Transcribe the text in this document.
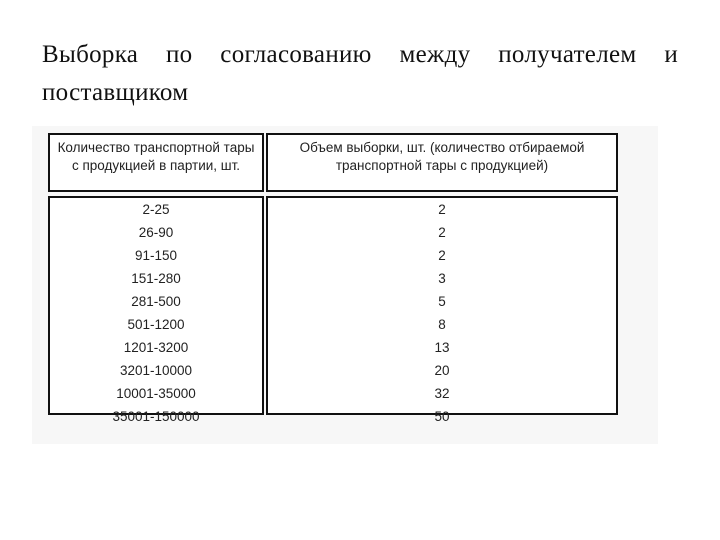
Выборка по согласованию между получателем и поставщиком
Количество транспортной тары с продукцией в партии, шт.
Объем выборки, шт. (количество отбираемой транспортной тары с продукцией)
2-25
26-90
91-150
151-280
281-500
501-1200
1201-3200
3201-10000
10001-35000
35001-150000
2
2
2
3
5
8
13
20
32
50
